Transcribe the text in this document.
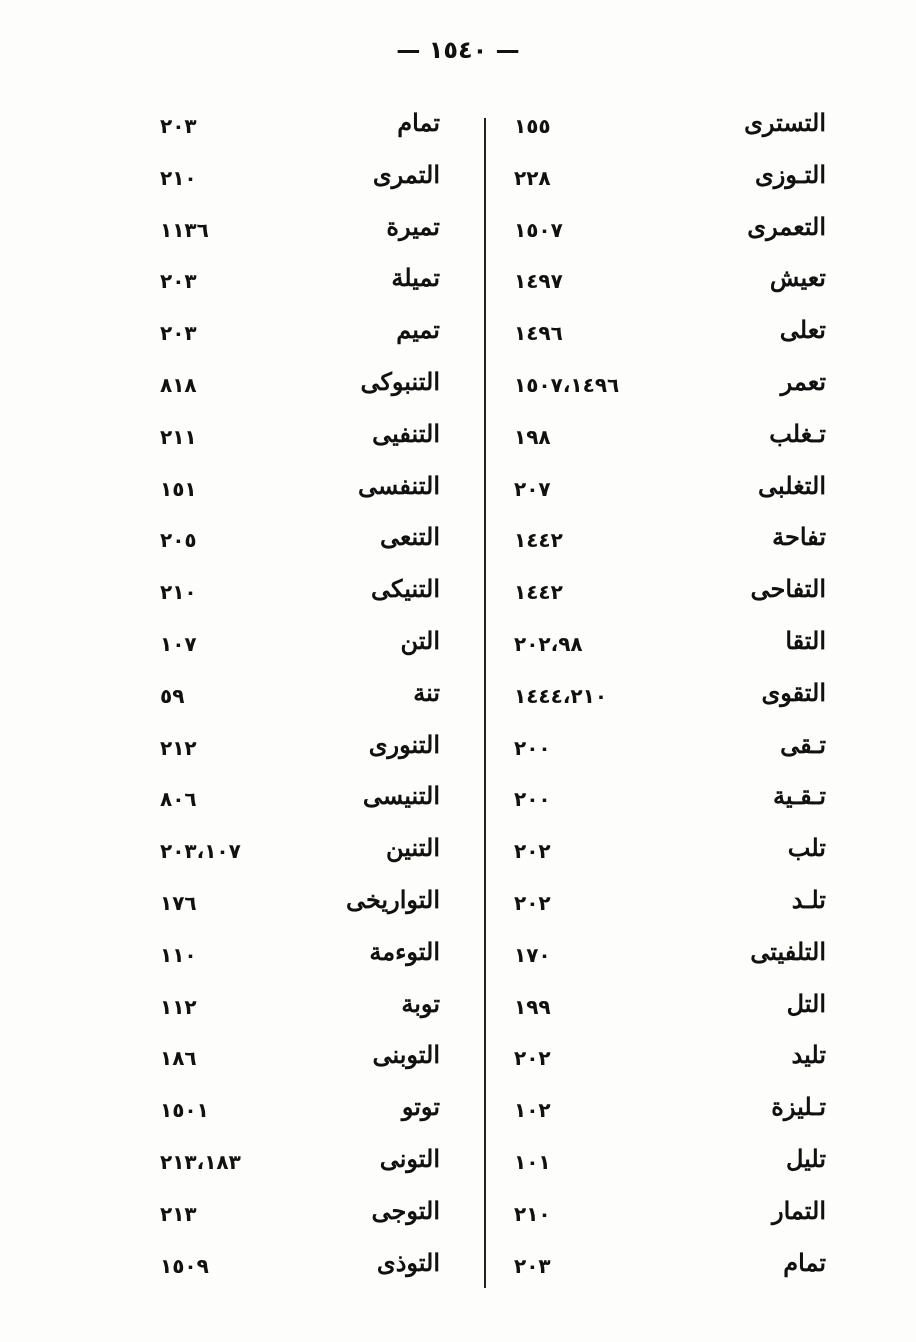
— ١٥٤٠ —
١٥٥	التسترى
٢٢٨	التـوزى
١٥٠٧	التعمرى
١٤٩٧	تعيش
١٤٩٦	تعلى
١٥٠٧،١٤٩٦	تعمر
١٩٨	تـغلب
٢٠٧	التغلبى
١٤٤٢	تفاحة
١٤٤٢	التفاحى
٢٠٢،٩٨	التقا
١٤٤٤،٢١٠	التقوى
٢٠٠	تـقى
٢٠٠	تـقـية
٢٠٢	تلب
٢٠٢	تلـد
١٧٠	التلفيتى
١٩٩	التل
٢٠٢	تليد
١٠٢	تـليزة
١٠١	تليل
٢١٠	التمار
٢٠٣	تمام
٢٠٣	تمام
٢١٠	التمرى
١١٣٦	تميرة
٢٠٣	تميلة
٢٠٣	تميم
٨١٨	التنبوكى
٢١١	التنفيى
١٥١	التنفسى
٢٠٥	التنعى
٢١٠	التنيكى
١٠٧	التن
٥٩	تنة
٢١٢	التنورى
٨٠٦	التنيسى
٢٠٣،١٠٧	التنين
١٧٦	التواريخى
١١٠	التوءمة
١١٢	توبة
١٨٦	التوبنى
١٥٠١	توتو
٢١٣،١٨٣	التونى
٢١٣	التوجى
١٥٠٩	التوذى
